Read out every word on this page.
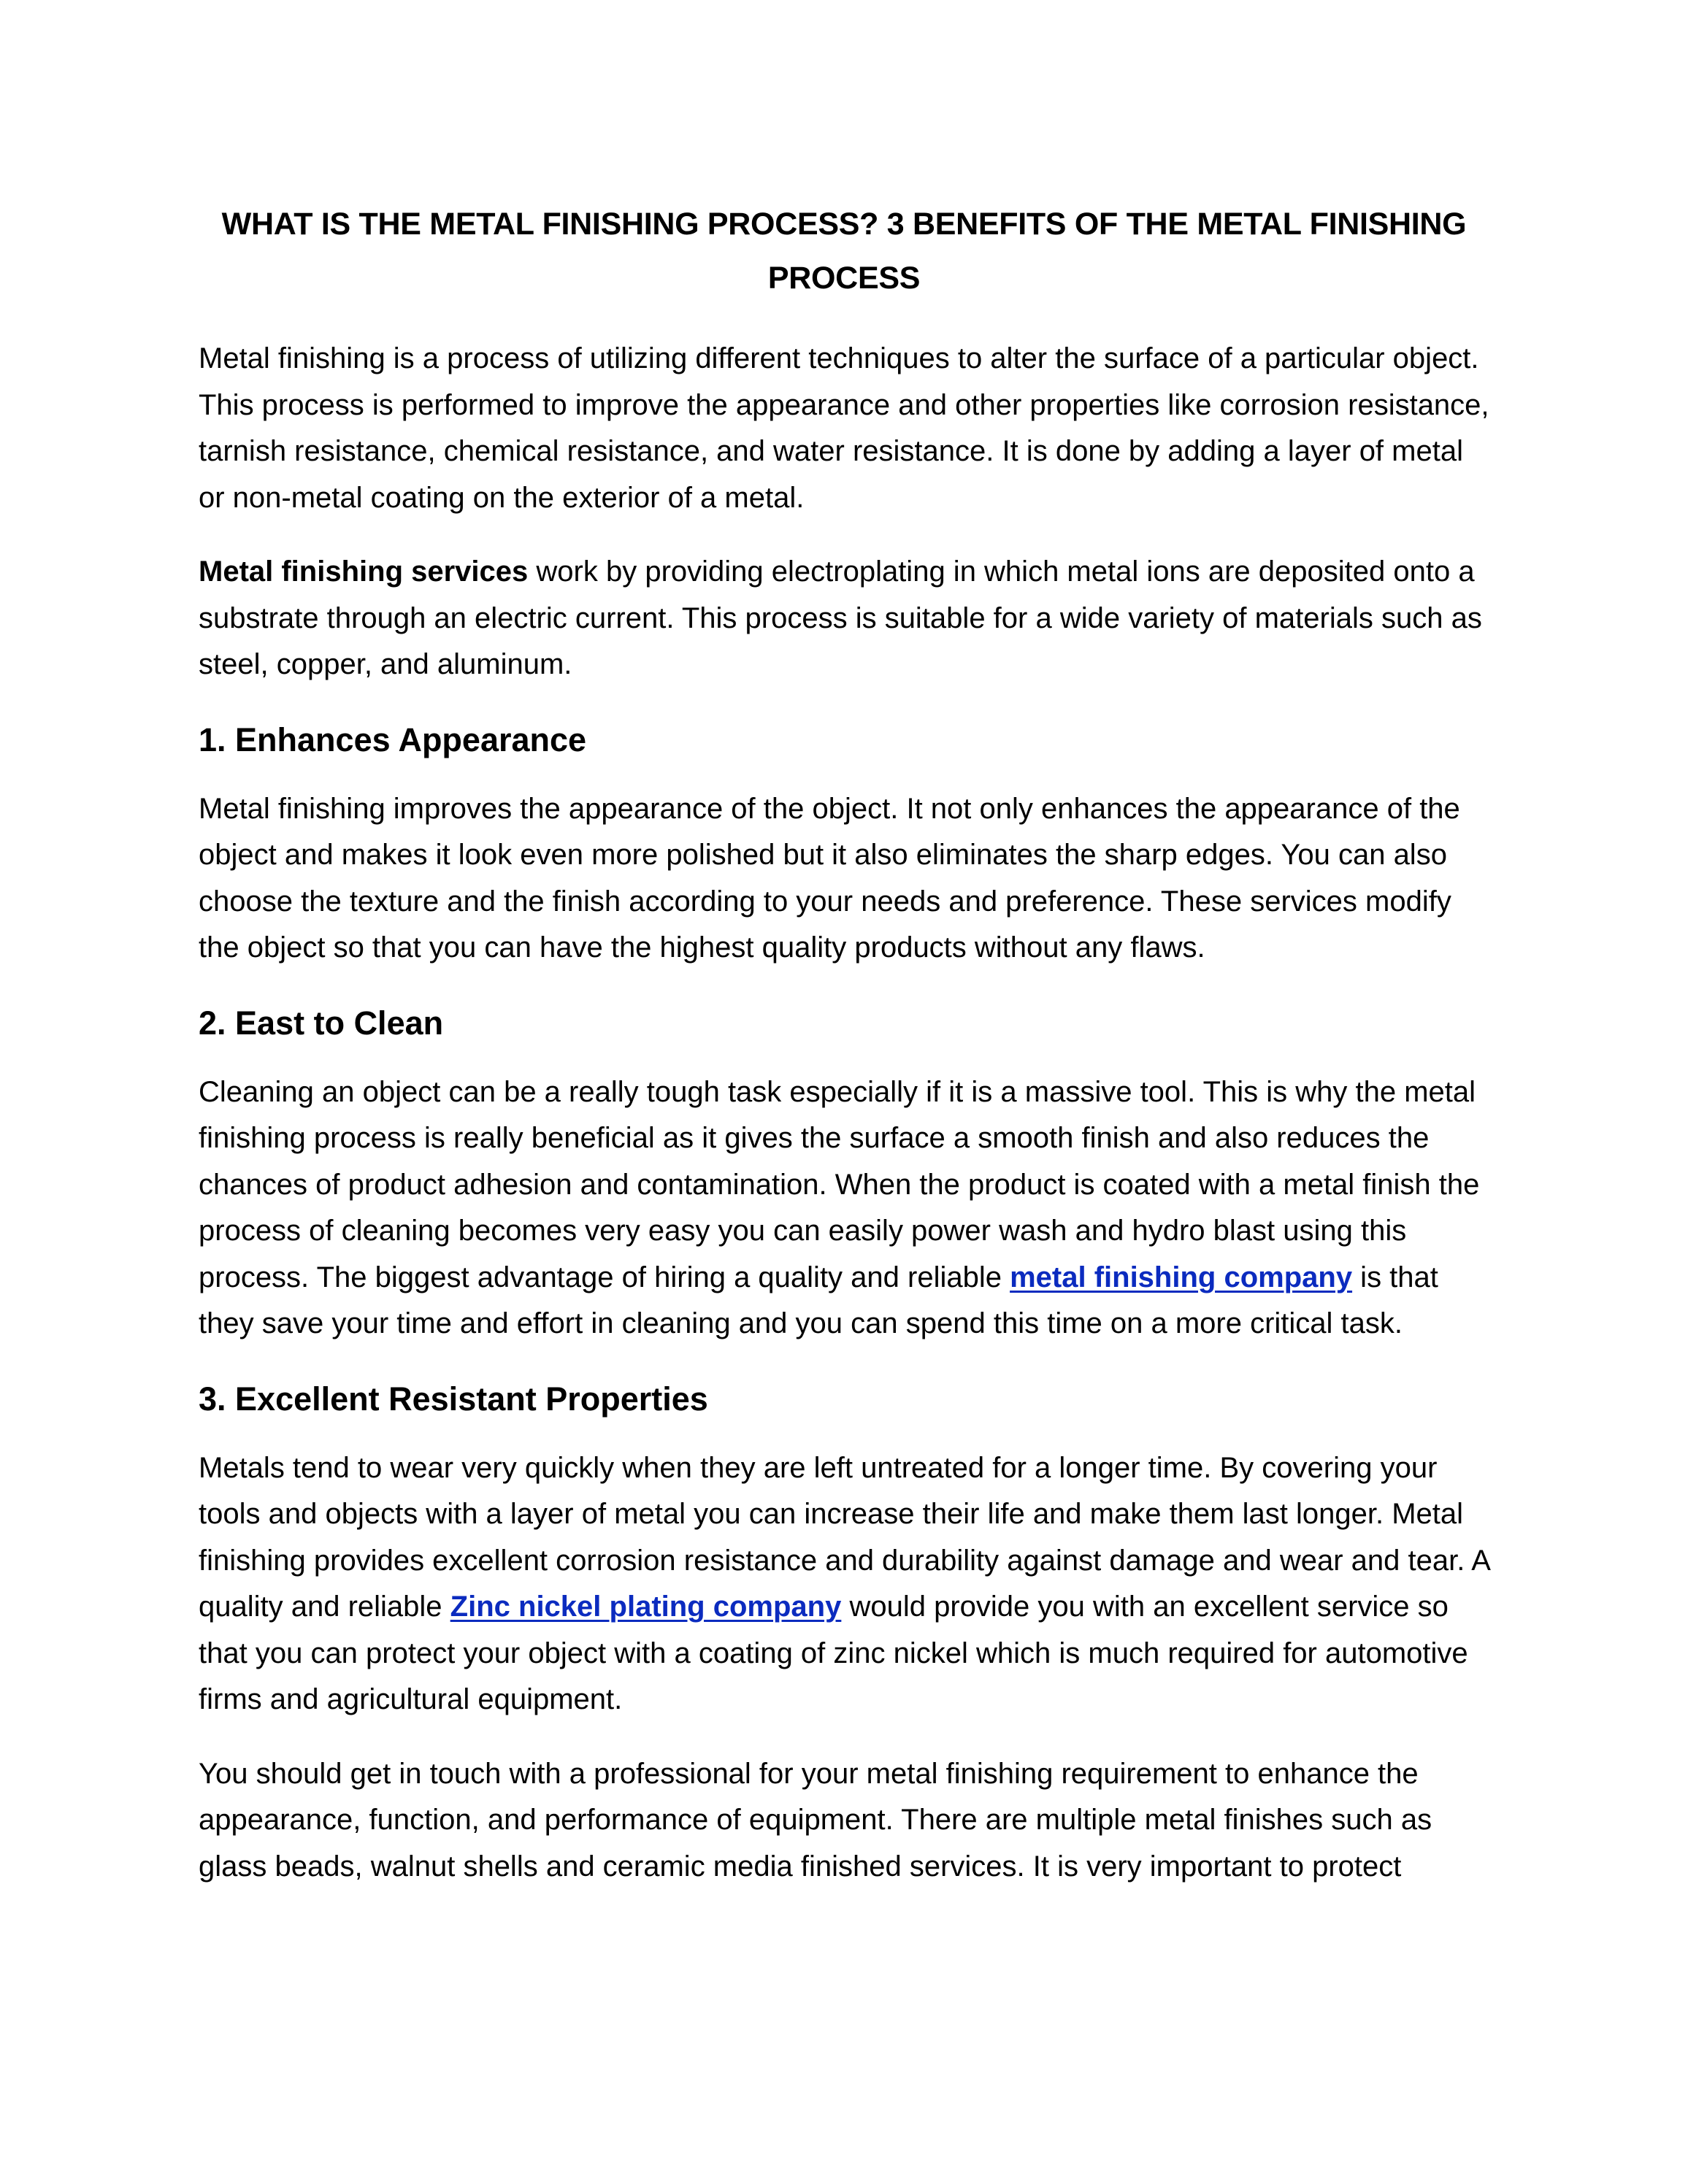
WHAT IS THE METAL FINISHING PROCESS? 3 BENEFITS OF THE METAL FINISHING PROCESS

Metal finishing is a process of utilizing different techniques to alter the surface of a particular object. This process is performed to improve the appearance and other properties like corrosion resistance, tarnish resistance, chemical resistance, and water resistance. It is done by adding a layer of metal or non-metal coating on the exterior of a metal.

Metal finishing services work by providing electroplating in which metal ions are deposited onto a substrate through an electric current. This process is suitable for a wide variety of materials such as steel, copper, and aluminum.

1. Enhances Appearance

Metal finishing improves the appearance of the object. It not only enhances the appearance of the object and makes it look even more polished but it also eliminates the sharp edges. You can also choose the texture and the finish according to your needs and preference. These services modify the object so that you can have the highest quality products without any flaws.

2. East to Clean

Cleaning an object can be a really tough task especially if it is a massive tool. This is why the metal finishing process is really beneficial as it gives the surface a smooth finish and also reduces the chances of product adhesion and contamination. When the product is coated with a metal finish the process of cleaning becomes very easy you can easily power wash and hydro blast using this process. The biggest advantage of hiring a quality and reliable metal finishing company is that they save your time and effort in cleaning and you can spend this time on a more critical task.

3. Excellent Resistant Properties

Metals tend to wear very quickly when they are left untreated for a longer time. By covering your tools and objects with a layer of metal you can increase their life and make them last longer. Metal finishing provides excellent corrosion resistance and durability against damage and wear and tear. A quality and reliable Zinc nickel plating company would provide you with an excellent service so that you can protect your object with a coating of zinc nickel which is much required for automotive firms and agricultural equipment.

You should get in touch with a professional for your metal finishing requirement to enhance the appearance, function, and performance of equipment. There are multiple metal finishes such as glass beads, walnut shells and ceramic media finished services. It is very important to protect
